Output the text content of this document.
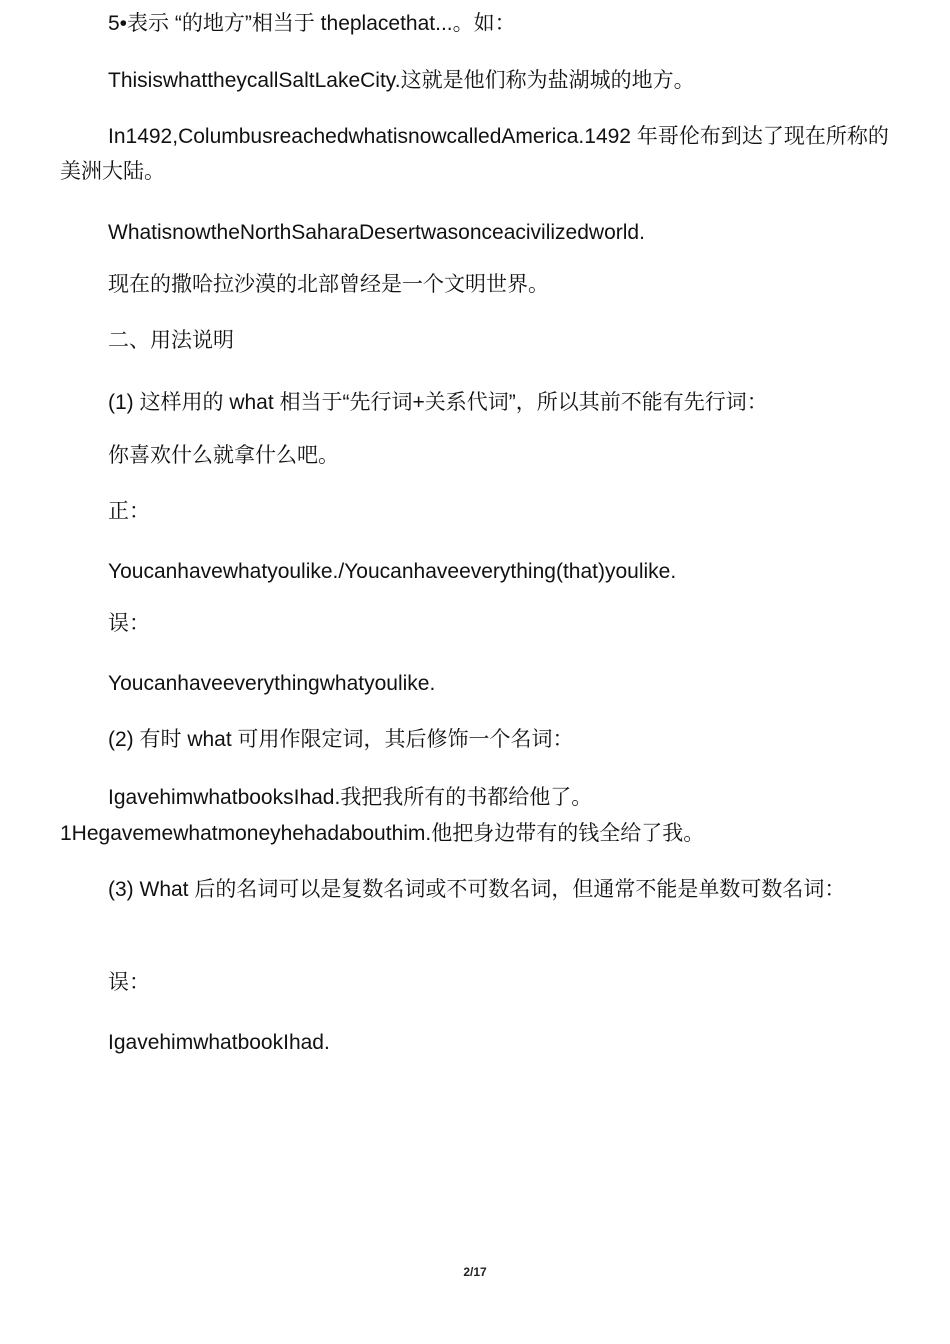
5•表示 “的地方”相当于 theplacethat...。如：
ThisiswhattheycallSaltLakeCity.这就是他们称为盐湖城的地方。
In1492,ColumbusreachedwhatisnowcalledAmerica.1492 年哥伦布到达了现在所称的美洲大陆。
WhatisnowtheNorthSaharaDesertwasonceacivilizedworld.
现在的撒哈拉沙漠的北部曾经是一个文明世界。
二、用法说明
(1) 这样用的 what 相当于“先行词+关系代词”，所以其前不能有先行词：
你喜欢什么就拿什么吧。
正：
Youcanhavewhatyoulike./Youcanhaveeverything(that)youlike.
误：
Youcanhaveeverythingwhatyoulike.
(2) 有时 what 可用作限定词，其后修饰一个名词：
IgavehimwhatbooksIhad.我把我所有的书都给他了。
1Hegavemewhatmoneyhehadabouthim.他把身边带有的钱全给了我。
(3) What 后的名词可以是复数名词或不可数名词，但通常不能是单数可数名词：
误：
IgavehimwhatbookIhad.
2/17
